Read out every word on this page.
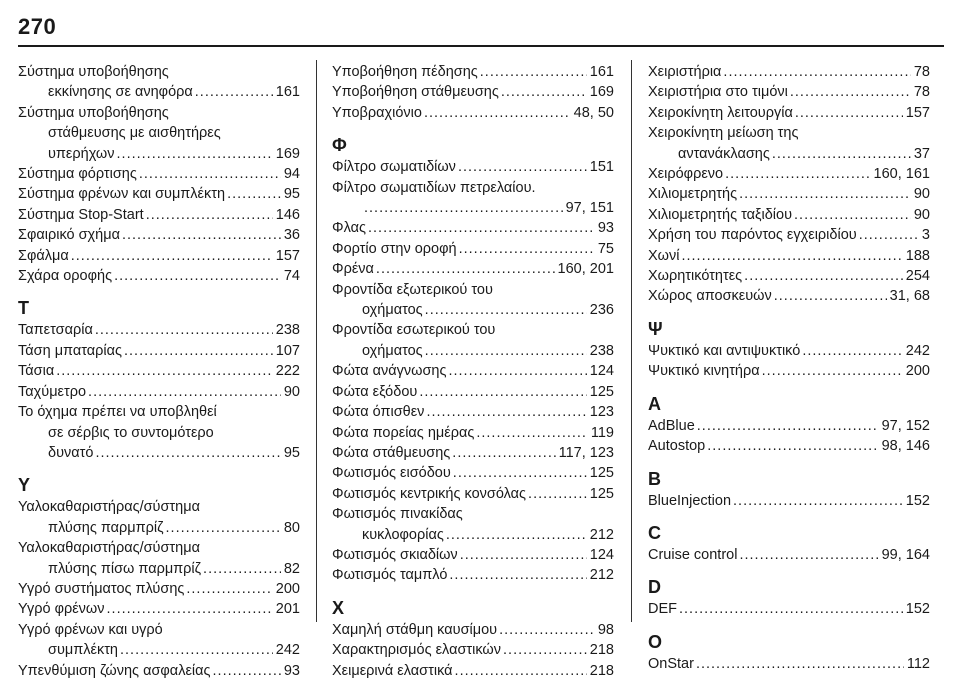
270
Σύστημα υποβοήθησης
εκκίνησης σε ανηφόρα .....	161
Σύστημα υποβοήθησης
στάθμευσης με αισθητήρες
υπερήχων .....	169
Σύστημα φόρτισης .....	94
Σύστημα φρένων και συμπλέκτη .....	95
Σύστημα Stop-Start .....	146
Σφαιρικό σχήμα .....	36
Σφάλμα .....	157
Σχάρα οροφής .....	74
Τ
Ταπετσαρία .....	238
Τάση μπαταρίας .....	107
Τάσια .....	222
Ταχύμετρο .....	90
Το όχημα πρέπει να υποβληθεί
σε σέρβις το συντομότερο
δυνατό .....	95
Υ
Υαλοκαθαριστήρας/σύστημα
πλύσης παρμπρίζ .....	80
Υαλοκαθαριστήρας/σύστημα
πλύσης πίσω παρμπρίζ .....	82
Υγρό συστήματος πλύσης .....	200
Υγρό φρένων .....	201
Υγρό φρένων και υγρό
συμπλέκτη .....	242
Υπενθύμιση ζώνης ασφαλείας .....	93
Υποβοήθηση πέδησης .....	161
Υποβοήθηση στάθμευσης .....	169
Υποβραχιόνιο .....	48, 50
Φ
Φίλτρο σωματιδίων .....	151
Φίλτρο σωματιδίων πετρελαίου.
.....
97, 151
Φλας .....	93
Φορτίο στην οροφή .....	75
Φρένα .....	160, 201
Φροντίδα εξωτερικού του
οχήματος .....	236
Φροντίδα εσωτερικού του
οχήματος .....	238
Φώτα ανάγνωσης .....	124
Φώτα εξόδου .....	125
Φώτα όπισθεν .....	123
Φώτα πορείας ημέρας .....	119
Φώτα στάθμευσης .....	117, 123
Φωτισμός εισόδου .....	125
Φωτισμός κεντρικής κονσόλας .....	125
Φωτισμός πινακίδας
κυκλοφορίας .....	212
Φωτισμός σκιαδίων .....	124
Φωτισμός ταμπλό .....	212
Χ
Χαμηλή στάθμη καυσίμου .....	98
Χαρακτηρισμός ελαστικών .....	218
Χειμερινά ελαστικά .....	218
Χειριστήρια .....	78
Χειριστήρια στο τιμόνι .....	78
Χειροκίνητη λειτουργία .....	157
Χειροκίνητη μείωση της
αντανάκλασης .....	37
Χειρόφρενο .....	160, 161
Χιλιομετρητής .....	90
Χιλιομετρητής ταξιδίου .....	90
Χρήση του παρόντος εγχειριδίου .....	3
Χωνί .....	188
Χωρητικότητες .....	254
Χώρος αποσκευών .....	31, 68
Ψ
Ψυκτικό και αντιψυκτικό .....	242
Ψυκτικό κινητήρα .....	200
A
AdBlue .....	97, 152
Autostop .....	98, 146
B
BlueInjection .....	152
C
Cruise control .....	99, 164
D
DEF .....	152
O
OnStar .....	112
